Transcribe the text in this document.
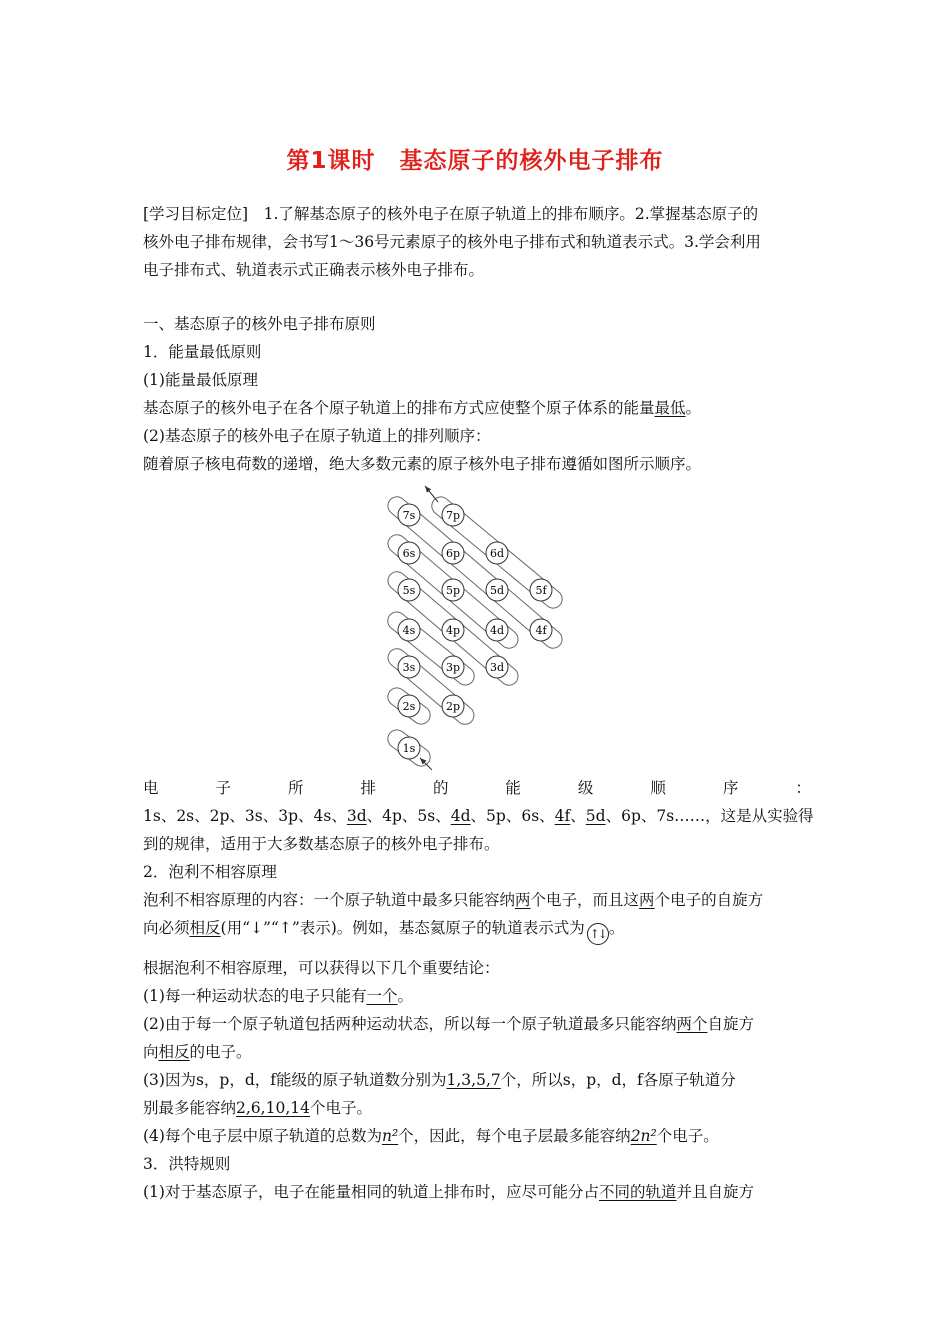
第1课时　基态原子的核外电子排布
[学习目标定位]　1.了解基态原子的核外电子在原子轨道上的排布顺序。2.掌握基态原子的
核外电子排布规律，会书写1～36号元素原子的核外电子排布式和轨道表示式。3.学会利用
电子排布式、轨道表示式正确表示核外电子排布。
一、基态原子的核外电子排布原则
1．能量最低原则
(1)能量最低原理
基态原子的核外电子在各个原子轨道上的排布方式应使整个原子体系的能量最低。
(2)基态原子的核外电子在原子轨道上的排列顺序：
随着原子核电荷数的递增，绝大多数元素的原子核外电子排布遵循如图所示顺序。
7s	7p
6s	6p	6d
5s	5p	5d	5f
4s	4p	4d	4f
3s	3p	3d
2s	2p
1s
电	子	所	排	的	能	级	顺	序	：
1s、2s、2p、3s、3p、4s、3d、4p、5s、4d、5p、6s、4f、5d、6p、7s……，这是从实验得
到的规律，适用于大多数基态原子的核外电子排布。
2．泡利不相容原理
泡利不相容原理的内容：一个原子轨道中最多只能容纳两个电子，而且这两个电子的自旋方
向必须相反(用“↓”“↑”表示)。例如，基态氦原子的轨道表示式为 ↑↓ 。
根据泡利不相容原理，可以获得以下几个重要结论：
(1)每一种运动状态的电子只能有一个。
(2)由于每一个原子轨道包括两种运动状态，所以每一个原子轨道最多只能容纳两个自旋方
向相反的电子。
(3)因为s，p，d，f能级的原子轨道数分别为1,3,5,7个，所以s，p，d，f各原子轨道分
别最多能容纳2,6,10,14个电子。
(4)每个电子层中原子轨道的总数为n²个，因此，每个电子层最多能容纳2n²个电子。
3．洪特规则
(1)对于基态原子，电子在能量相同的轨道上排布时，应尽可能分占不同的轨道并且自旋方
